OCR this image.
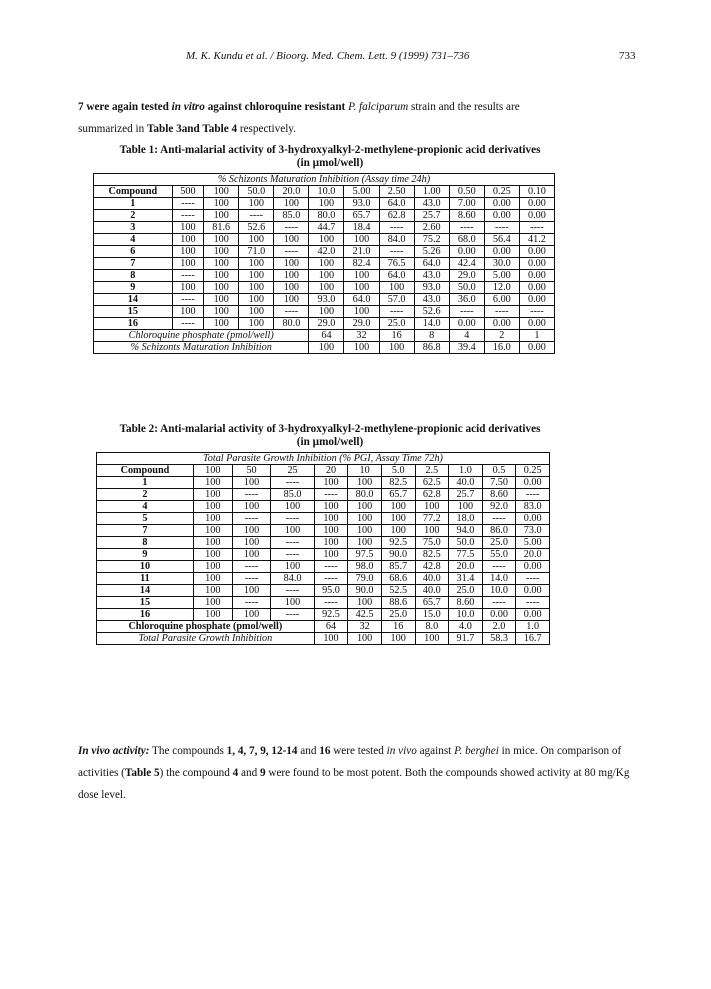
M. K. Kundu et al. / Bioorg. Med. Chem. Lett. 9 (1999) 731–736	733
7 were again tested in vitro against chloroquine resistant P. falciparum strain and the results are
summarized in Table 3and Table 4 respectively.
Table 1: Anti-malarial activity of 3-hydroxyalkyl-2-methylene-propionic acid derivatives
(in µmol/well)
% Schizonts Maturation Inhibition (Assay time 24h)											
Compound	500	100	50.0	20.0	10.0	5.00	2.50	1.00	0.50	0.25	0.10
1	----	100	100	100	100	93.0	64.0	43.0	7.00	0.00	0.00
2	----	100	----	85.0	80.0	65.7	62.8	25.7	8.60	0.00	0.00
3	100	81.6	52.6	----	44.7	18.4	----	2.60	----	----	----
4	100	100	100	100	100	100	84.0	75.2	68.0	56.4	41.2
6	100	100	71.0	----	42.0	21.0	----	5.26	0.00	0.00	0.00
7	100	100	100	100	100	82.4	76.5	64.0	42.4	30.0	0.00
8	----	100	100	100	100	100	64.0	43.0	29.0	5.00	0.00
9	100	100	100	100	100	100	100	93.0	50.0	12.0	0.00
14	----	100	100	100	93.0	64.0	57.0	43.0	36.0	6.00	0.00
15	100	100	100	----	100	100	----	52.6	----	----	----
16	----	100	100	80.0	29.0	29.0	25.0	14.0	0.00	0.00	0.00
Chloroquine phosphate (pmol/well)					64	32	16	8	4	2	1
% Schizonts Maturation Inhibition					100	100	100	86.8	39.4	16.0	0.00
Table 2: Anti-malarial activity of 3-hydroxyalkyl-2-methylene-propionic acid derivatives
(in µmol/well)
Total Parasite Growth Inhibition (% PGI, Assay Time 72h)										
Compound	100	50	25	20	10	5.0	2.5	1.0	0.5	0.25
1	100	100	----	100	100	82.5	62.5	40.0	7.50	0.00
2	100	----	85.0	----	80.0	65.7	62.8	25.7	8.60	----
4	100	100	100	100	100	100	100	100	92.0	83.0
5	100	----	----	100	100	100	77.2	18.0	----	0.00
7	100	100	100	100	100	100	100	94.0	86.0	73.0
8	100	100	----	100	100	92.5	75.0	50.0	25.0	5.00
9	100	100	----	100	97.5	90.0	82.5	77.5	55.0	20.0
10	100	----	100	----	98.0	85.7	42.8	20.0	----	0.00
11	100	----	84.0	----	79.0	68.6	40.0	31.4	14.0	----
14	100	100	----	95.0	90.0	52.5	40.0	25.0	10.0	0.00
15	100	----	100	----	100	88.6	65.7	8.60	----	----
16	100	100	----	92.5	42.5	25.0	15.0	10.0	0.00	0.00
Chloroquine phosphate (pmol/well)				64	32	16	8.0	4.0	2.0	1.0
Total Parasite Growth Inhibition				100	100	100	100	91.7	58.3	16.7
In vivo activity: The compounds 1, 4, 7, 9, 12-14 and 16 were tested in vivo against P. berghei in mice. On comparison of activities (Table 5) the compound 4 and 9 were found to be most potent. Both the compounds showed activity at 80 mg/Kg dose level.
